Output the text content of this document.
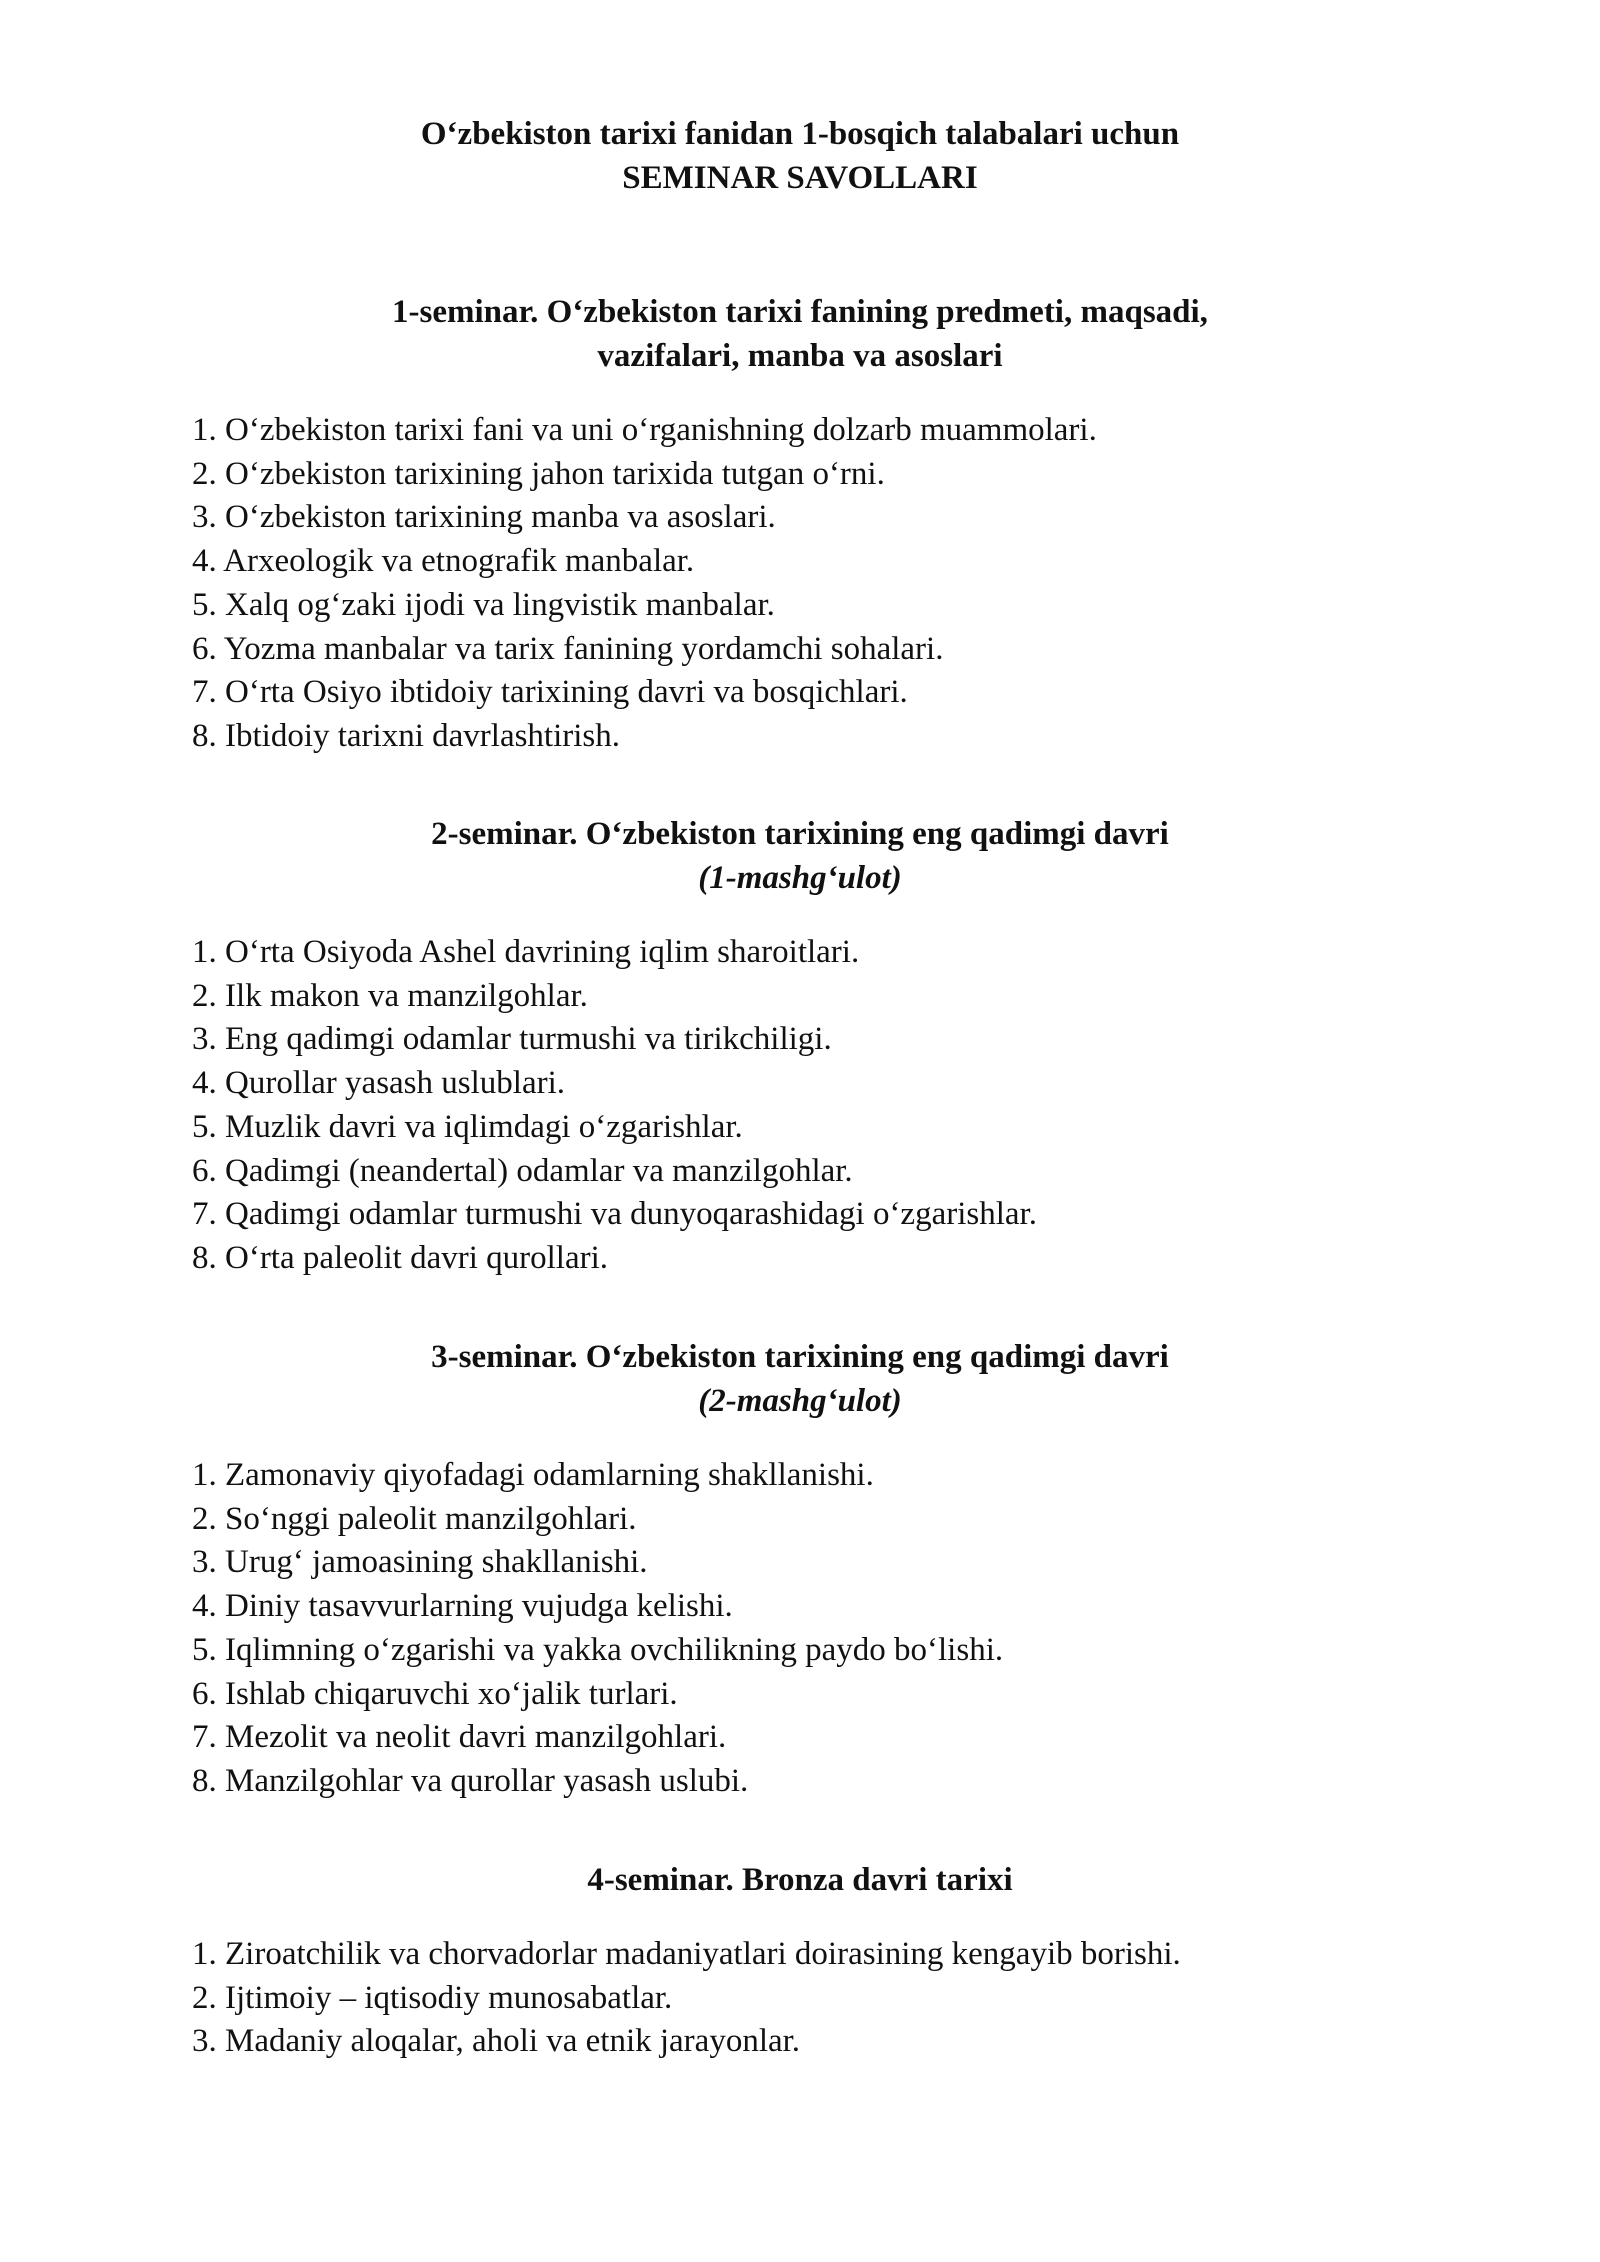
O‘zbekiston tarixi fanidan 1-bosqich talabalari uchun
SEMINAR SAVOLLARI
1-seminar. O‘zbekiston tarixi fanining predmeti, maqsadi,
vazifalari, manba va asoslari
1. O‘zbekiston tarixi fani va uni o‘rganishning dolzarb muammolari.
2. O‘zbekiston tarixining jahon tarixida tutgan o‘rni.
3. O‘zbekiston tarixining manba va asoslari.
4. Arxeologik va etnografik manbalar.
5. Xalq og‘zaki ijodi va lingvistik manbalar.
6. Yozma manbalar va tarix fanining yordamchi sohalari.
7. O‘rta Osiyo ibtidoiy tarixining davri va bosqichlari.
8. Ibtidoiy tarixni davrlashtirish.
2-seminar. O‘zbekiston tarixining eng qadimgi davri
(1-mashg‘ulot)
1. O‘rta Osiyoda Ashel davrining iqlim sharoitlari.
2. Ilk makon va manzilgohlar.
3. Eng qadimgi odamlar turmushi va tirikchiligi.
4. Qurollar yasash uslublari.
5. Muzlik davri va iqlimdagi o‘zgarishlar.
6. Qadimgi (neandertal) odamlar va manzilgohlar.
7. Qadimgi odamlar turmushi va dunyoqarashidagi o‘zgarishlar.
8. O‘rta paleolit davri qurollari.
3-seminar. O‘zbekiston tarixining eng qadimgi davri
(2-mashg‘ulot)
1. Zamonaviy qiyofadagi odamlarning shakllanishi.
2. So‘nggi paleolit manzilgohlari.
3. Urug‘ jamoasining shakllanishi.
4. Diniy tasavvurlarning vujudga kelishi.
5. Iqlimning o‘zgarishi va yakka ovchilikning paydo bo‘lishi.
6. Ishlab chiqaruvchi xo‘jalik turlari.
7. Mezolit va neolit davri manzilgohlari.
8. Manzilgohlar va qurollar yasash uslubi.
4-seminar. Bronza davri tarixi
1. Ziroatchilik va chorvadorlar madaniyatlari doirasining kengayib borishi.
2. Ijtimoiy – iqtisodiy munosabatlar.
3. Madaniy aloqalar, aholi va etnik jarayonlar.
